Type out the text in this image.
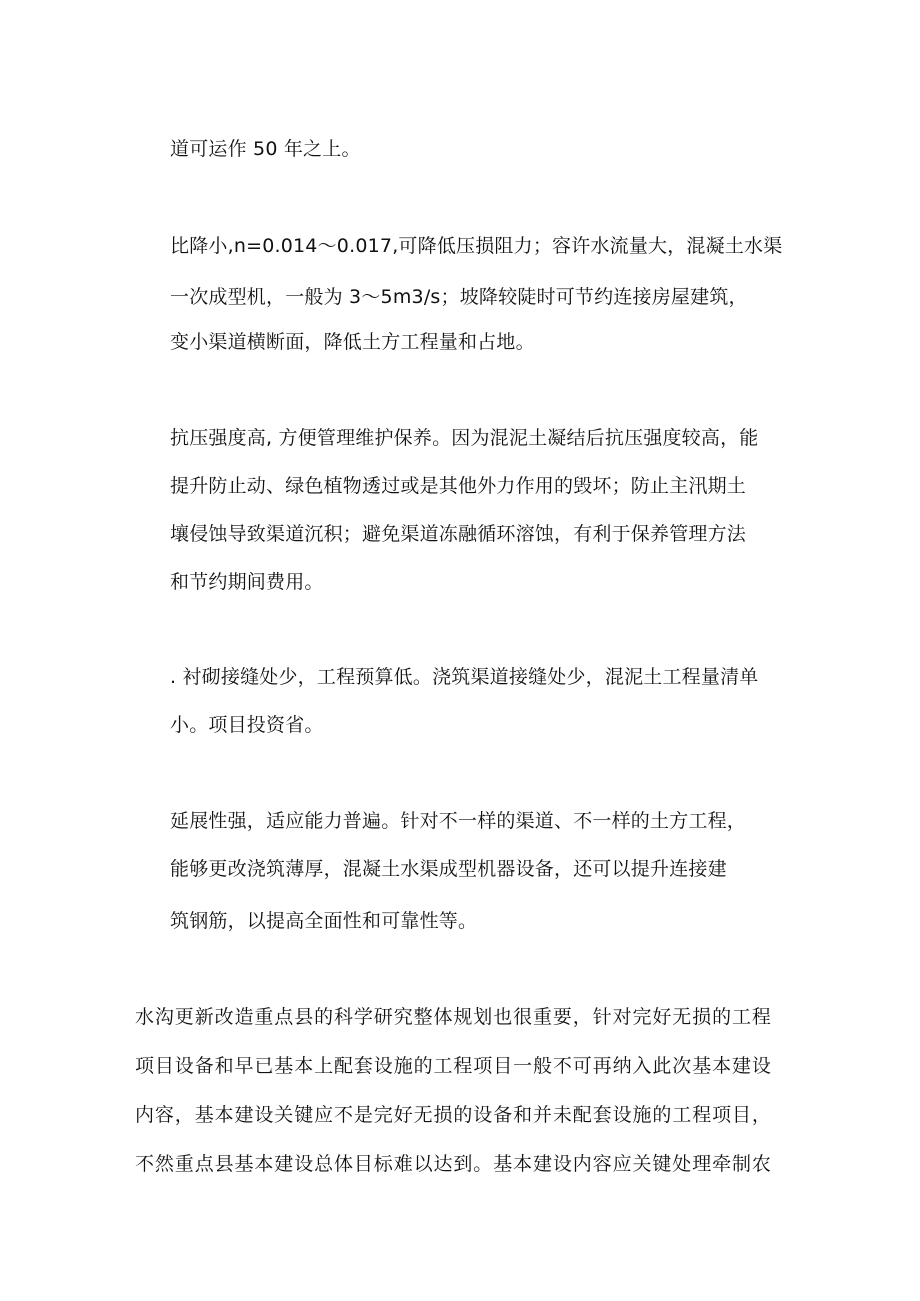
道可运作 50 年之上。
比降小,n=0.014～0.017,可降低压损阻力；容许水流量大，混凝土水渠
一次成型机，一般为 3～5m3/s；坡降较陡时可节约连接房屋建筑，
变小渠道横断面，降低土方工程量和占地。
抗压强度高, 方便管理维护保养。因为混泥土凝结后抗压强度较高，能
提升防止动、绿色植物透过或是其他外力作用的毁坏；防止主汛期土
壤侵蚀导致渠道沉积；避免渠道冻融循环溶蚀，有利于保养管理方法
和节约期间费用。
. 衬砌接缝处少，工程预算低。浇筑渠道接缝处少，混泥土工程量清单
小。项目投资省。
延展性强，适应能力普遍。针对不一样的渠道、不一样的土方工程，
能够更改浇筑薄厚，混凝土水渠成型机器设备，还可以提升连接建
筑钢筋，以提高全面性和可靠性等。
水沟更新改造重点县的科学研究整体规划也很重要，针对完好无损的工程
项目设备和早已基本上配套设施的工程项目一般不可再纳入此次基本建设
内容，基本建设关键应不是完好无损的设备和并未配套设施的工程项目，
不然重点县基本建设总体目标难以达到。基本建设内容应关键处理牵制农
